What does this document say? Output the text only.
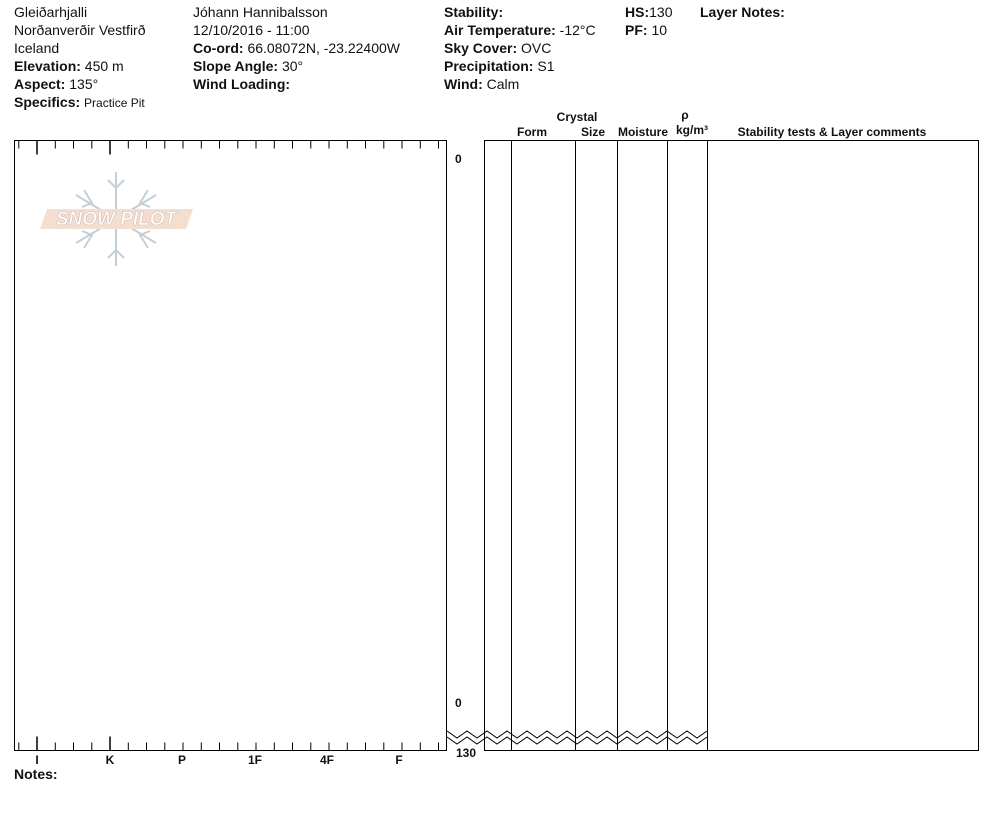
Gleiðarhjalli
Norðanverðir Vestfirð
Iceland
Elevation: 450 m
Aspect: 135°
Specifics: Practice Pit
Jóhann Hannibalsson
12/10/2016 - 11:00
Co-ord: 66.08072N, -23.22400W
Slope Angle: 30°
Wind Loading:
Stability:
Air Temperature: -12°C
Sky Cover: OVC
Precipitation: S1
Wind: Calm
HS:130
PF: 10
Layer Notes:
Crystal
Form	Size	Moisture
ρ
kg/m³	Stability tests & Layer comments
SNOW PILOT
0
0
130
I	K	P	1F	4F	F
Notes:
